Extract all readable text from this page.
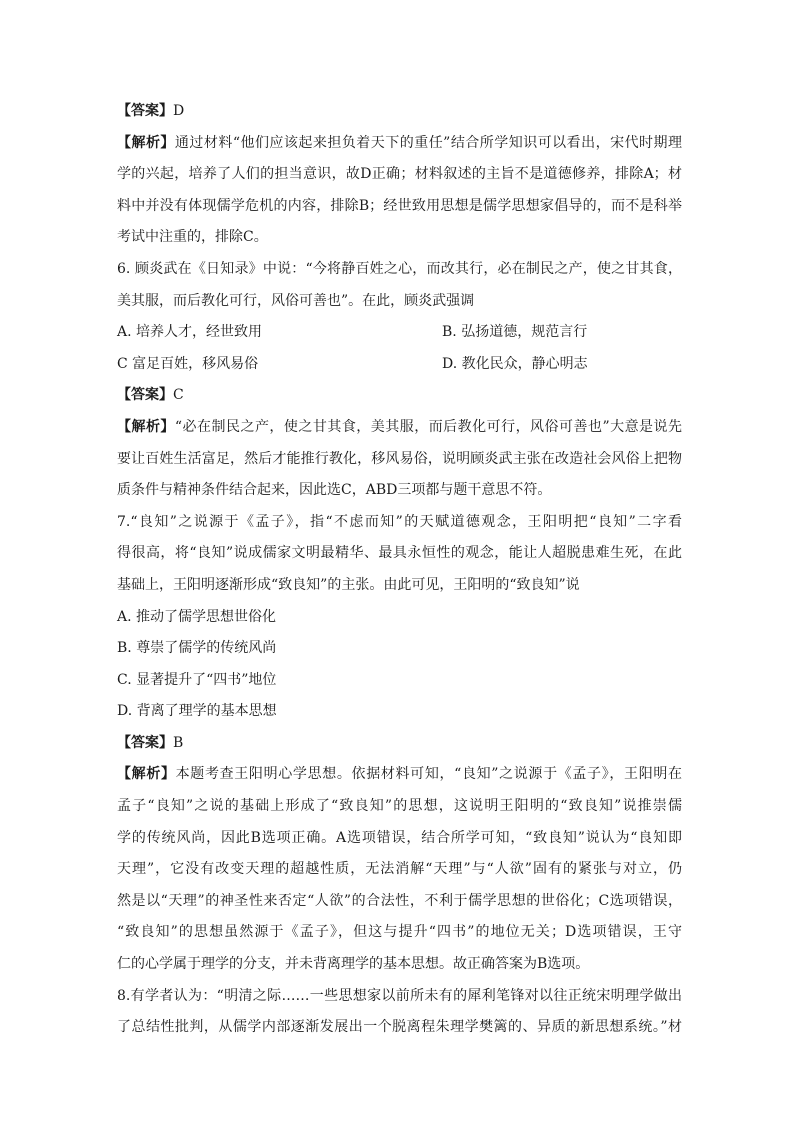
【答案】D
【解析】通过材料“他们应该起来担负着天下的重任”结合所学知识可以看出，宋代时期理
学的兴起，培养了人们的担当意识，故D正确；材料叙述的主旨不是道德修养，排除A；材
料中并没有体现儒学危机的内容，排除B；经世致用思想是儒学思想家倡导的，而不是科举
考试中注重的，排除C。
6. 顾炎武在《日知录》中说：“今将静百姓之心，而改其行，必在制民之产，使之甘其食，
美其服，而后教化可行，风俗可善也”。在此，顾炎武强调
A. 培养人才，经世致用	B. 弘扬道德，规范言行
C 富足百姓，移风易俗	D. 教化民众，静心明志
【答案】C
【解析】“必在制民之产，使之甘其食，美其服，而后教化可行，风俗可善也”大意是说先
要让百姓生活富足，然后才能推行教化，移风易俗，说明顾炎武主张在改造社会风俗上把物
质条件与精神条件结合起来，因此选C，ABD三项都与题干意思不符。
7.“良知”之说源于《孟子》，指“不虑而知”的天赋道德观念，王阳明把“良知”二字看
得很高，将“良知”说成儒家文明最精华、最具永恒性的观念，能让人超脱患难生死，在此
基础上，王阳明逐渐形成“致良知”的主张。由此可见，王阳明的“致良知”说
A. 推动了儒学思想世俗化
B. 尊崇了儒学的传统风尚
C. 显著提升了“四书”地位
D. 背离了理学的基本思想
【答案】B
【解析】本题考查王阳明心学思想。依据材料可知，“良知”之说源于《孟子》，王阳明在
孟子“良知”之说的基础上形成了“致良知”的思想，这说明王阳明的“致良知”说推崇儒
学的传统风尚，因此B选项正确。A选项错误，结合所学可知，“致良知”说认为“良知即
天理”，它没有改变天理的超越性质，无法消解“天理”与“人欲”固有的紧张与对立，仍
然是以“天理”的神圣性来否定“人欲”的合法性，不利于儒学思想的世俗化；C选项错误，
“致良知”的思想虽然源于《孟子》，但这与提升“四书”的地位无关；D选项错误，王守
仁的心学属于理学的分支，并未背离理学的基本思想。故正确答案为B选项。
8.有学者认为：“明清之际……一些思想家以前所未有的犀利笔锋对以往正统宋明理学做出
了总结性批判，从儒学内部逐渐发展出一个脱离程朱理学樊篱的、异质的新思想系统。”材
